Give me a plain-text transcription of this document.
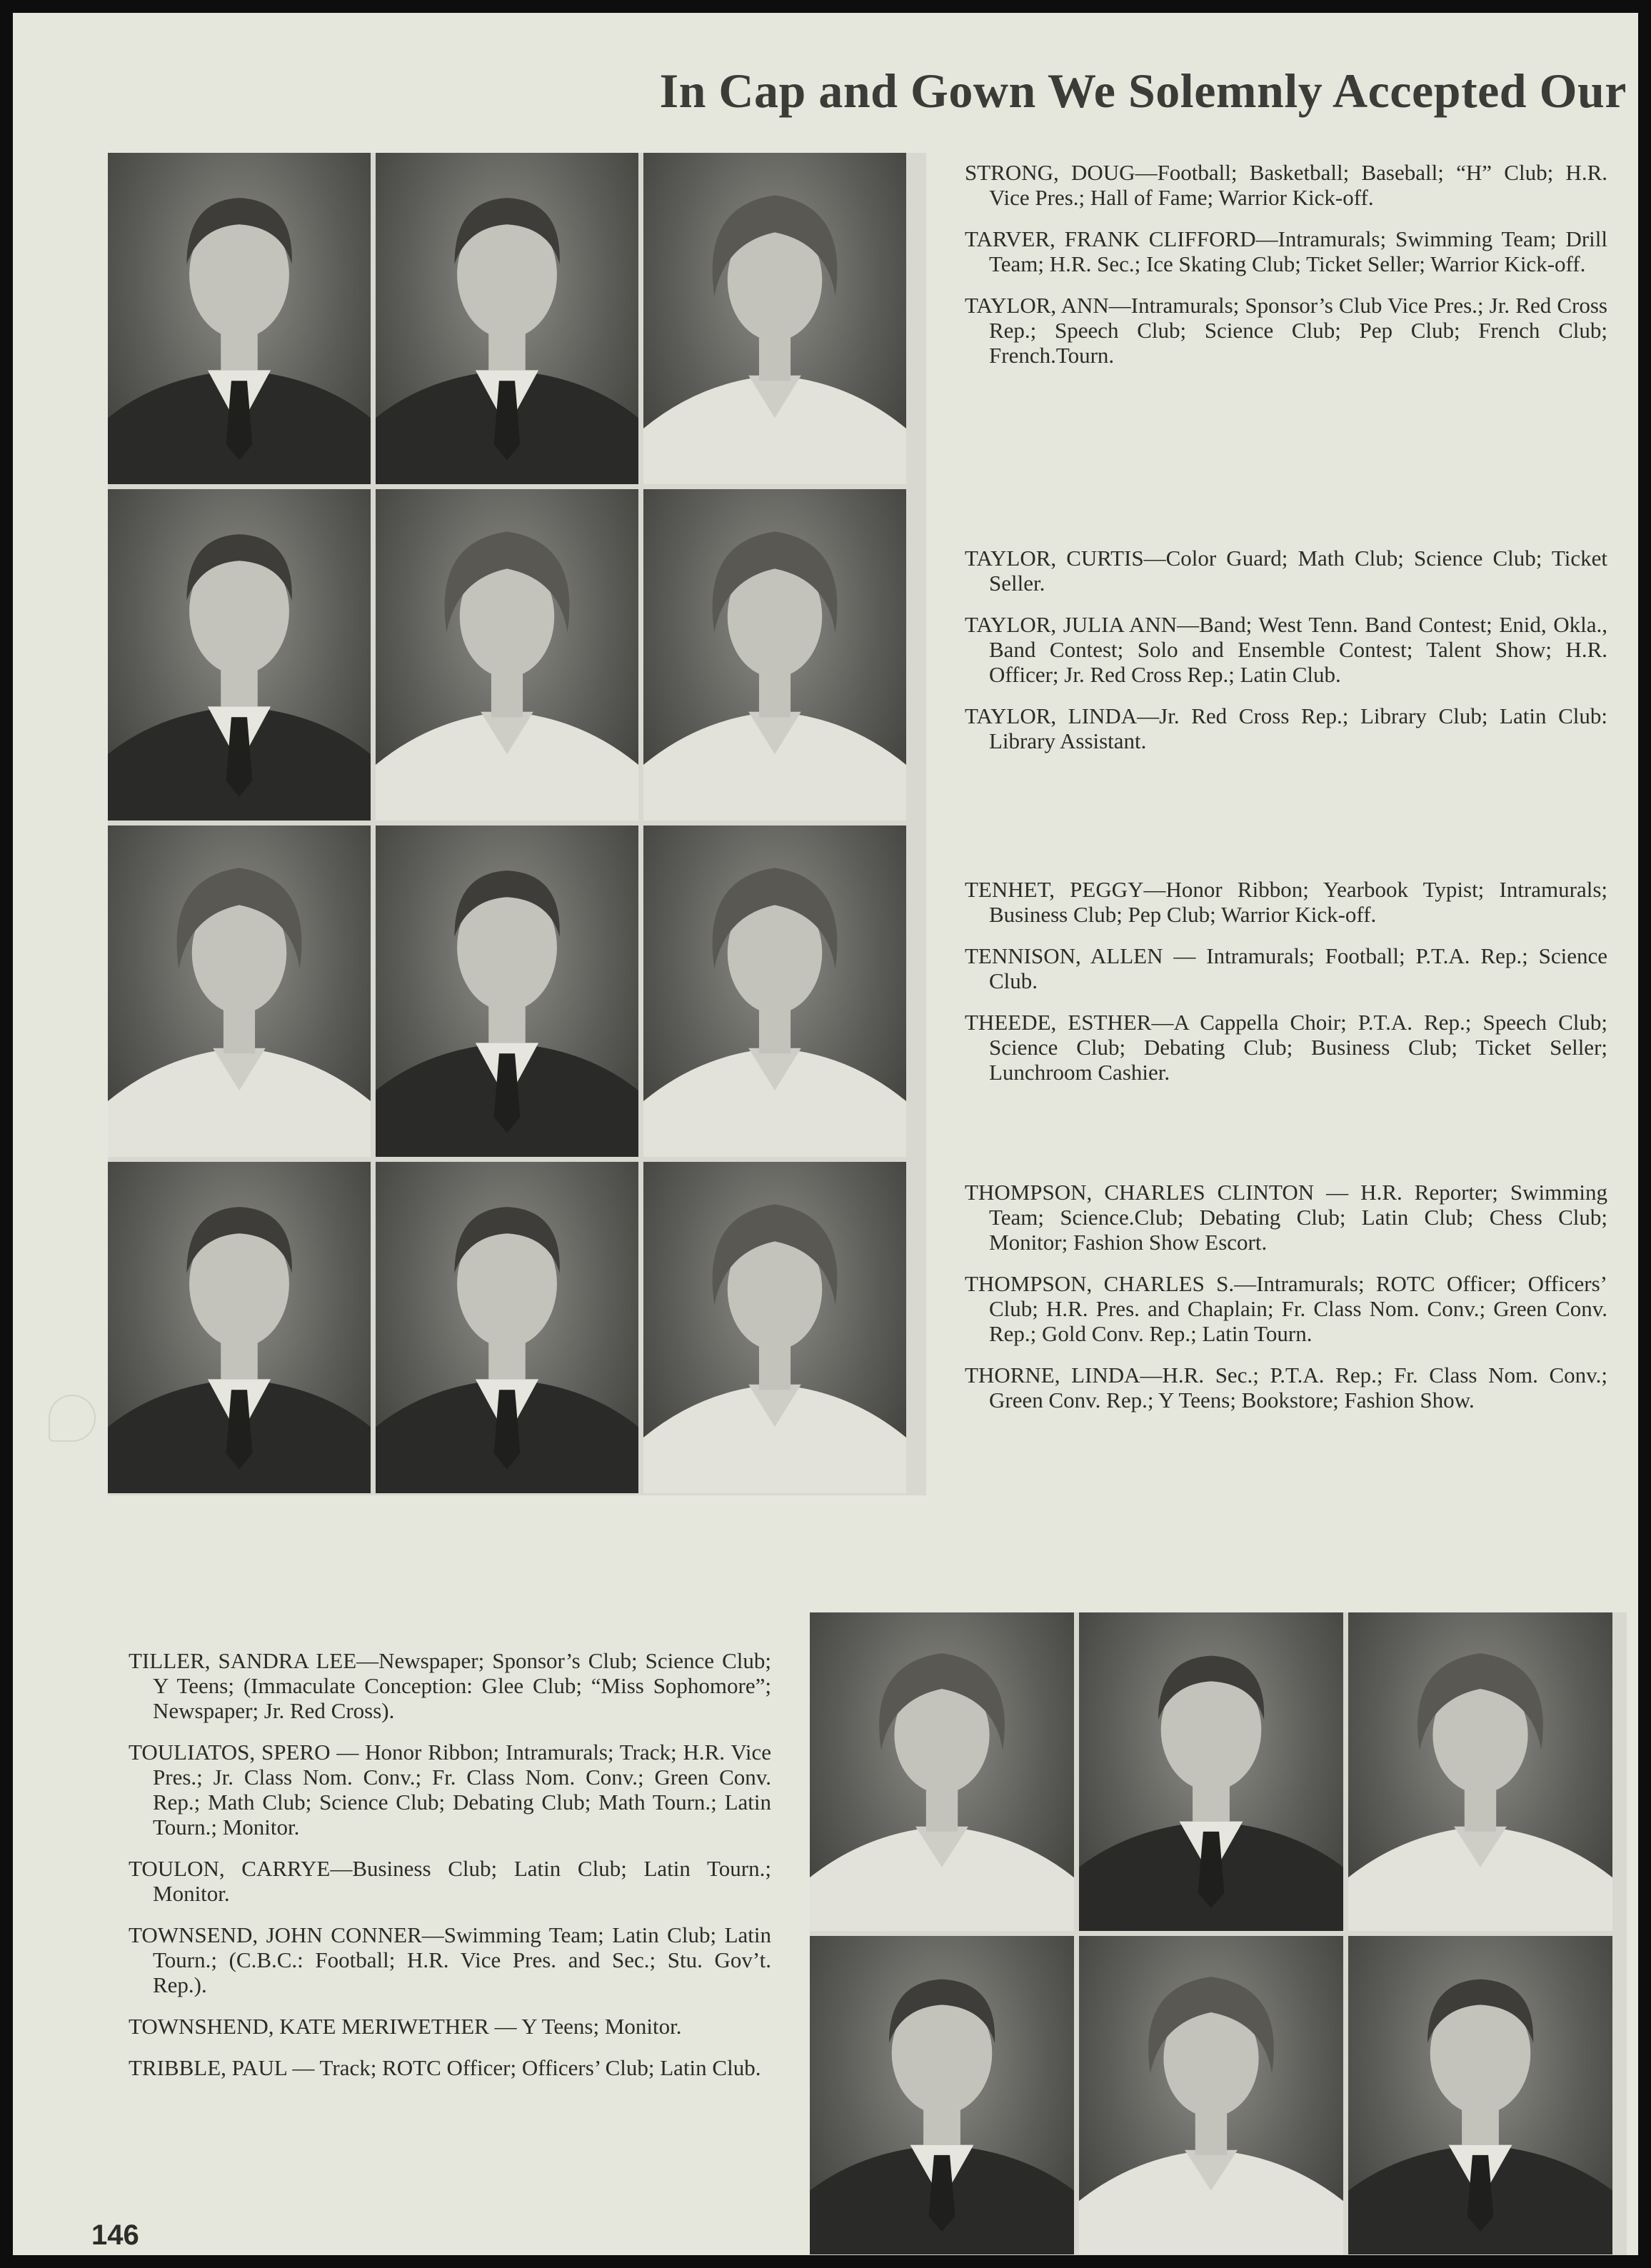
In Cap and Gown We Solemnly Accepted Our

STRONG, DOUG—Football; Basketball; Baseball; “H” Club; H.R. Vice Pres.; Hall of Fame; Warrior Kick-off.

TARVER, FRANK CLIFFORD—Intramurals; Swimming Team; Drill Team; H.R. Sec.; Ice Skating Club; Ticket Seller; Warrior Kick-off.

TAYLOR, ANN—Intramurals; Sponsor’s Club Vice Pres.; Jr. Red Cross Rep.; Speech Club; Science Club; Pep Club; French Club; French.Tourn.

TAYLOR, CURTIS—Color Guard; Math Club; Science Club; Ticket Seller.

TAYLOR, JULIA ANN—Band; West Tenn. Band Contest; Enid, Okla., Band Contest; Solo and Ensemble Contest; Talent Show; H.R. Officer; Jr. Red Cross Rep.; Latin Club.

TAYLOR, LINDA—Jr. Red Cross Rep.; Library Club; Latin Club: Library Assistant.

TENHET, PEGGY—Honor Ribbon; Yearbook Typist; Intramurals; Business Club; Pep Club; Warrior Kick-off.

TENNISON, ALLEN — Intramurals; Football; P.T.A. Rep.; Science Club.

THEEDE, ESTHER—A Cappella Choir; P.T.A. Rep.; Speech Club; Science Club; Debating Club; Business Club; Ticket Seller; Lunchroom Cashier.

THOMPSON, CHARLES CLINTON — H.R. Reporter; Swimming Team; Science.Club; Debating Club; Latin Club; Chess Club; Monitor; Fashion Show Escort.

THOMPSON, CHARLES S.—Intramurals; ROTC Officer; Officers’ Club; H.R. Pres. and Chaplain; Fr. Class Nom. Conv.; Green Conv. Rep.; Gold Conv. Rep.; Latin Tourn.

THORNE, LINDA—H.R. Sec.; P.T.A. Rep.; Fr. Class Nom. Conv.; Green Conv. Rep.; Y Teens; Bookstore; Fashion Show.

TILLER, SANDRA LEE—Newspaper; Sponsor’s Club; Science Club; Y Teens; (Immaculate Conception: Glee Club; “Miss Sophomore”; Newspaper; Jr. Red Cross).

TOULIATOS, SPERO — Honor Ribbon; Intramurals; Track; H.R. Vice Pres.; Jr. Class Nom. Conv.; Fr. Class Nom. Conv.; Green Conv. Rep.; Math Club; Science Club; Debating Club; Math Tourn.; Latin Tourn.; Monitor.

TOULON, CARRYE—Business Club; Latin Club; Latin Tourn.; Monitor.

TOWNSEND, JOHN CONNER—Swimming Team; Latin Club; Latin Tourn.; (C.B.C.: Football; H.R. Vice Pres. and Sec.; Stu. Gov’t. Rep.).

TOWNSHEND, KATE MERIWETHER — Y Teens; Monitor.

TRIBBLE, PAUL — Track; ROTC Officer; Officers’ Club; Latin Club.

146
